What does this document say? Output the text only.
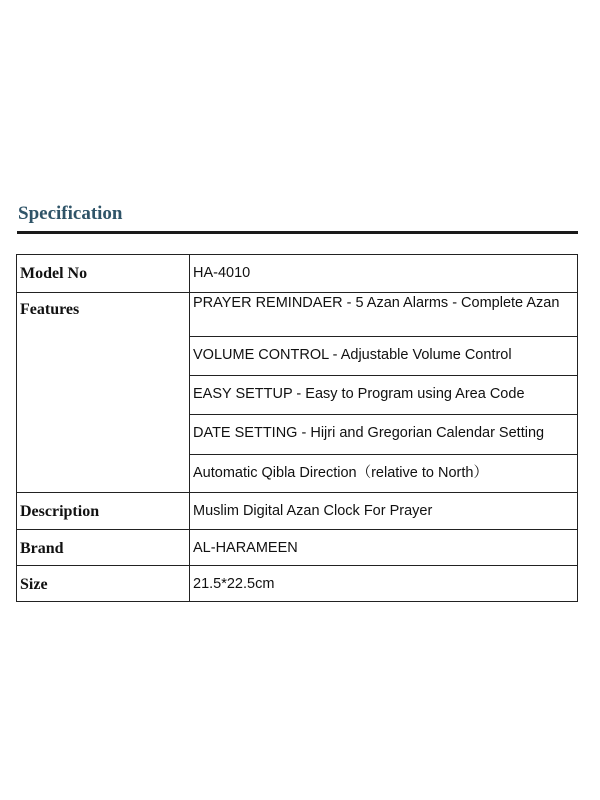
Specification
Model No	HA-4010
Features	PRAYER REMINDAER - 5 Azan Alarms - Complete Azan
	VOLUME CONTROL - Adjustable Volume Control
	EASY SETTUP - Easy to Program using Area Code
	DATE SETTING - Hijri and Gregorian Calendar Setting
	Automatic Qibla Direction（relative to North）
Description	Muslim Digital Azan Clock For Prayer
Brand	AL-HARAMEEN
Size	21.5*22.5cm
